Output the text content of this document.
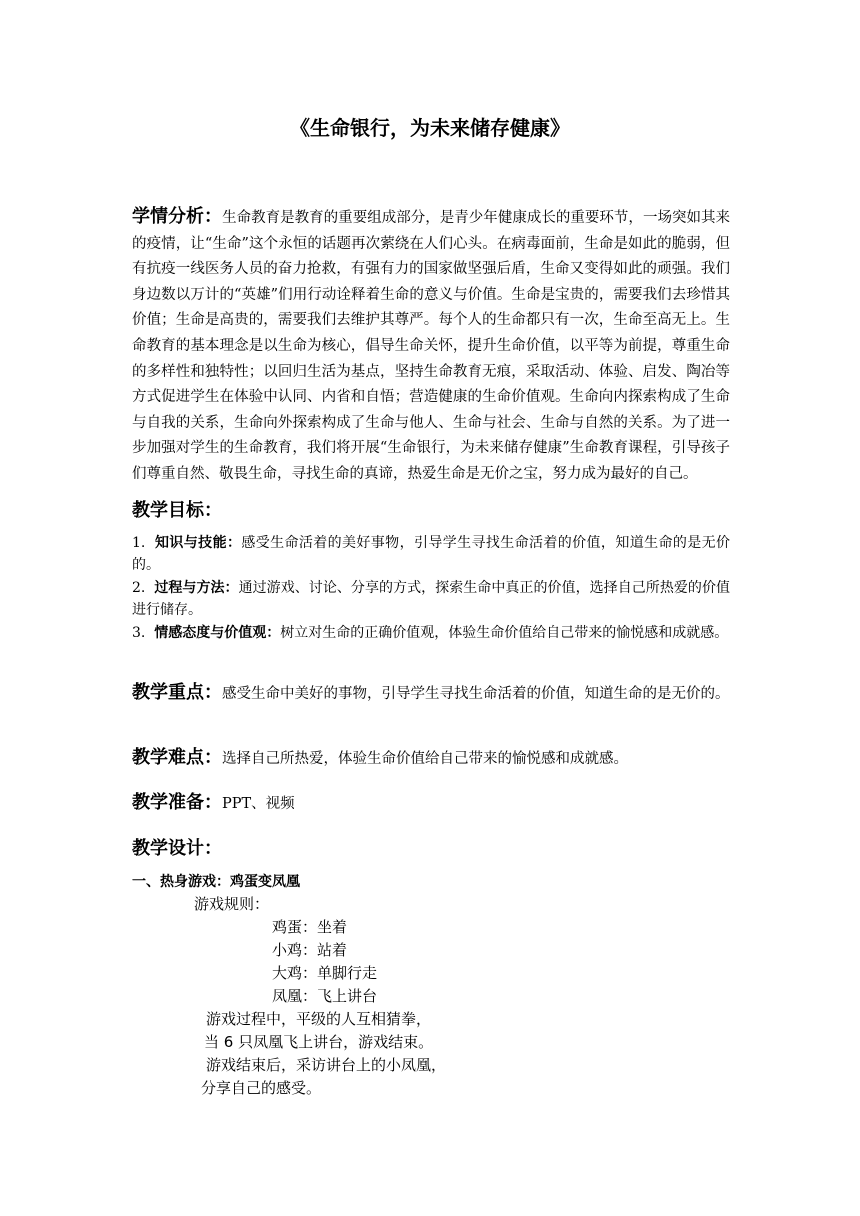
《生命银行，为未来储存健康》
学情分析：生命教育是教育的重要组成部分，是青少年健康成长的重要环节，一场突如其来的疫情，让“生命”这个永恒的话题再次萦绕在人们心头。在病毒面前，生命是如此的脆弱，但有抗疫一线医务人员的奋力抢救，有强有力的国家做坚强后盾，生命又变得如此的顽强。我们身边数以万计的“英雄”们用行动诠释着生命的意义与价值。生命是宝贵的，需要我们去珍惜其价值；生命是高贵的，需要我们去维护其尊严。每个人的生命都只有一次，生命至高无上。生命教育的基本理念是以生命为核心，倡导生命关怀，提升生命价值，以平等为前提，尊重生命的多样性和独特性；以回归生活为基点，坚持生命教育无痕，采取活动、体验、启发、陶冶等方式促进学生在体验中认同、内省和自悟；营造健康的生命价值观。生命向内探索构成了生命与自我的关系，生命向外探索构成了生命与他人、生命与社会、生命与自然的关系。为了进一步加强对学生的生命教育，我们将开展“生命银行，为未来储存健康”生命教育课程，引导孩子们尊重自然、敬畏生命，寻找生命的真谛，热爱生命是无价之宝，努力成为最好的自己。
教学目标：
1. 知识与技能：感受生命活着的美好事物，引导学生寻找生命活着的价值，知道生命的是无价的。
2. 过程与方法：通过游戏、讨论、分享的方式，探索生命中真正的价值，选择自己所热爱的价值进行储存。
3. 情感态度与价值观：树立对生命的正确价值观，体验生命价值给自己带来的愉悦感和成就感。
教学重点：感受生命中美好的事物，引导学生寻找生命活着的价值，知道生命的是无价的。
教学难点：选择自己所热爱，体验生命价值给自己带来的愉悦感和成就感。
教学准备：PPT、视频
教学设计：
一、热身游戏：鸡蛋变凤凰
游戏规则：
鸡蛋：坐着
小鸡：站着
大鸡：单脚行走
凤凰：飞上讲台
游戏过程中，平级的人互相猜拳，
当 6 只凤凰飞上讲台，游戏结束。
游戏结束后，采访讲台上的小凤凰，
分享自己的感受。
